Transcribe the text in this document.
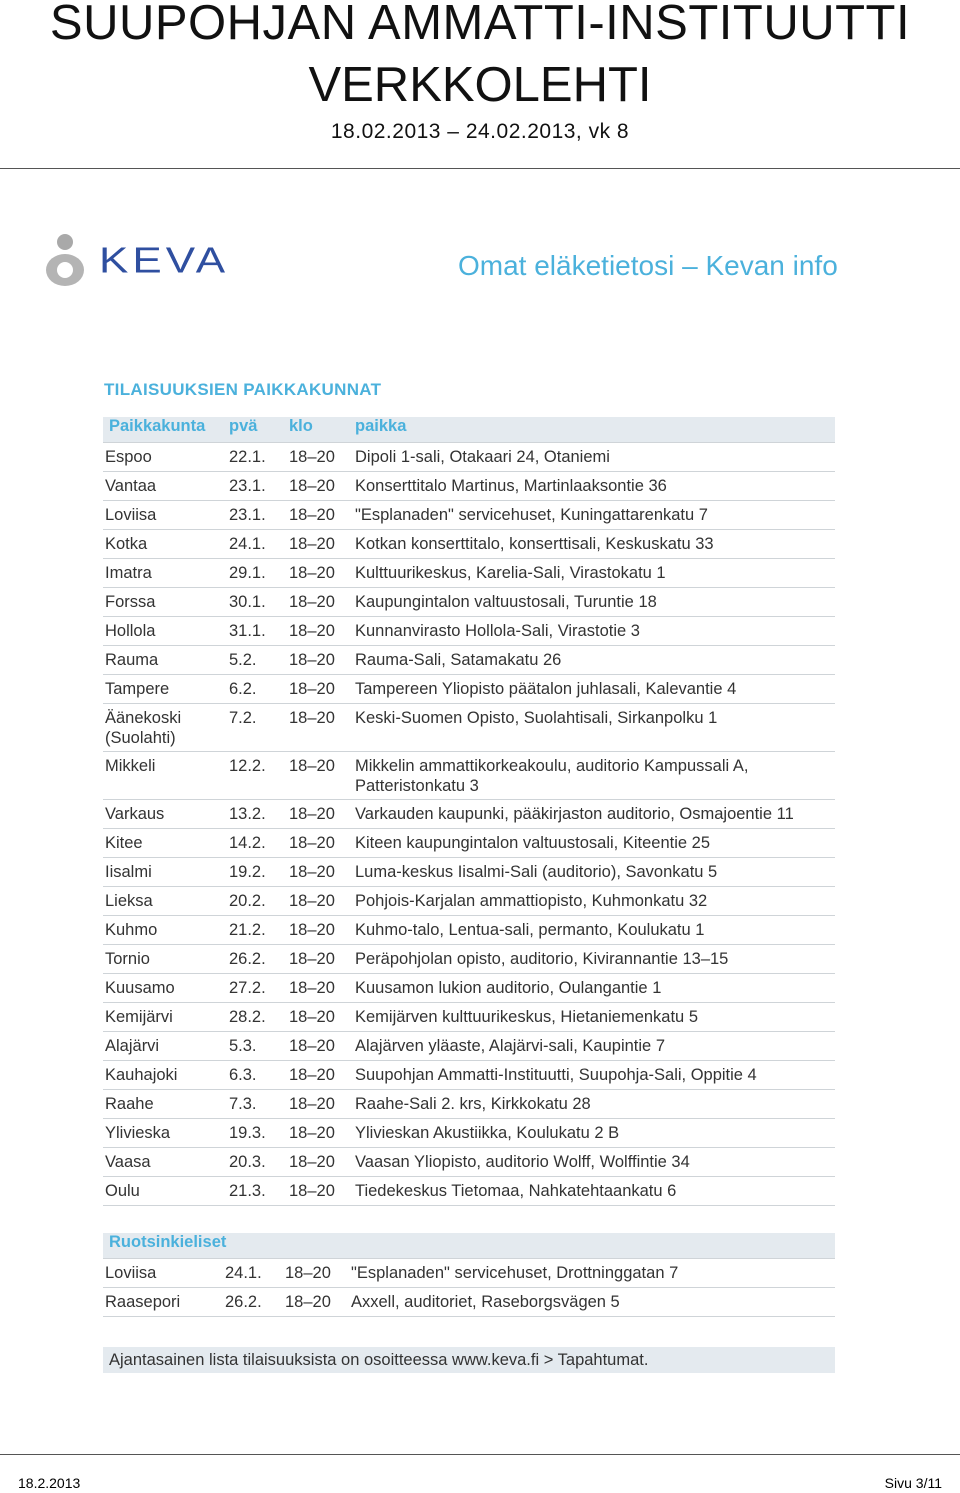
SUUPOHJAN AMMATTI-INSTITUUTTI
VERKKOLEHTI
18.02.2013 – 24.02.2013, vk 8
KEVA	Omat eläketietosi – Kevan info
TILAISUUKSIEN PAIKKAKUNNAT
Paikkakunta	pvä	klo	paikka
Espoo	22.1.	18–20	Dipoli 1-sali, Otakaari 24, Otaniemi
Vantaa	23.1.	18–20	Konserttitalo Martinus, Martinlaaksontie 36
Loviisa	23.1.	18–20	"Esplanaden" servicehuset, Kuningattarenkatu 7
Kotka	24.1.	18–20	Kotkan konserttitalo, konserttisali, Keskuskatu 33
Imatra	29.1.	18–20	Kulttuurikeskus, Karelia-Sali, Virastokatu 1
Forssa	30.1.	18–20	Kaupungintalon valtuustosali, Turuntie 18
Hollola	31.1.	18–20	Kunnanvirasto Hollola-Sali, Virastotie 3
Rauma	5.2.	18–20	Rauma-Sali, Satamakatu 26
Tampere	6.2.	18–20	Tampereen Yliopisto päätalon juhlasali, Kalevantie 4
Äänekoski (Suolahti)	7.2.	18–20	Keski-Suomen Opisto, Suolahtisali, Sirkanpolku 1
Mikkeli	12.2.	18–20	Mikkelin ammattikorkeakoulu, auditorio Kampussali A, Patteristonkatu 3
Varkaus	13.2.	18–20	Varkauden kaupunki, pääkirjaston auditorio, Osmajoentie 11
Kitee	14.2.	18–20	Kiteen kaupungintalon valtuustosali, Kiteentie 25
Iisalmi	19.2.	18–20	Luma-keskus Iisalmi-Sali (auditorio), Savonkatu 5
Lieksa	20.2.	18–20	Pohjois-Karjalan ammattiopisto, Kuhmonkatu 32
Kuhmo	21.2.	18–20	Kuhmo-talo, Lentua-sali, permanto, Koulukatu 1
Tornio	26.2.	18–20	Peräpohjolan opisto, auditorio, Kivirannantie 13–15
Kuusamo	27.2.	18–20	Kuusamon lukion auditorio, Oulangantie 1
Kemijärvi	28.2.	18–20	Kemijärven kulttuurikeskus, Hietaniemenkatu 5
Alajärvi	5.3.	18–20	Alajärven yläaste, Alajärvi-sali, Kaupintie 7
Kauhajoki	6.3.	18–20	Suupohjan Ammatti-Instituutti, Suupohja-Sali, Oppitie 4
Raahe	7.3.	18–20	Raahe-Sali 2. krs, Kirkkokatu 28
Ylivieska	19.3.	18–20	Ylivieskan Akustiikka, Koulukatu 2 B
Vaasa	20.3.	18–20	Vaasan Yliopisto, auditorio Wolff, Wolffintie 34
Oulu	21.3.	18–20	Tiedekeskus Tietomaa, Nahkatehtaankatu 6
Ruotsinkieliset			
Loviisa	24.1.	18–20	"Esplanaden" servicehuset, Drottninggatan 7
Raasepori	26.2.	18–20	Axxell, auditoriet, Raseborgsvägen 5
Ajantasainen lista tilaisuuksista on osoitteessa www.keva.fi > Tapahtumat.
18.2.2013	Sivu 3/11
